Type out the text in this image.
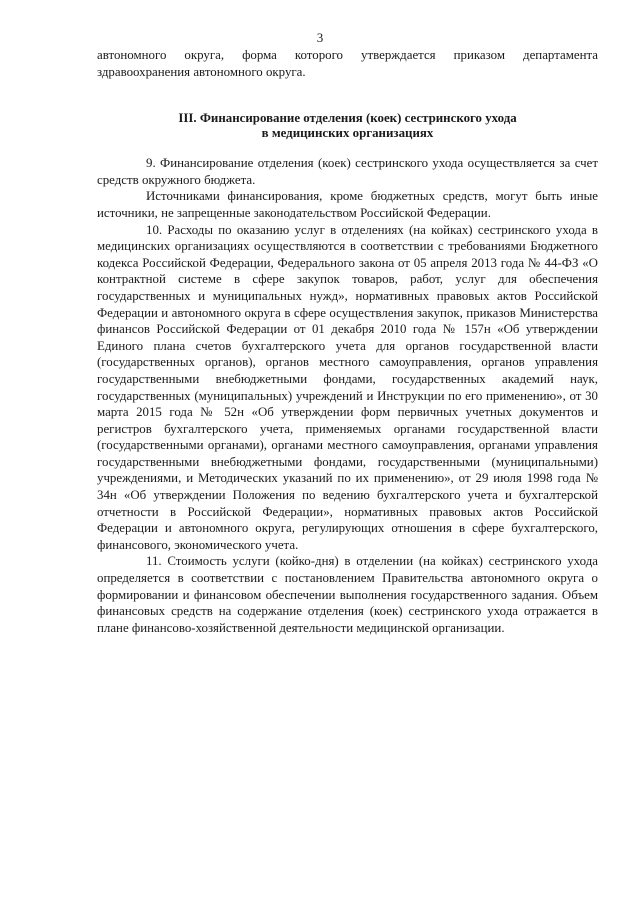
3

автономного округа, форма которого утверждается приказом департамента здравоохранения автономного округа.

III. Финансирование отделения (коек) сестринского ухода
в медицинских организациях

9. Финансирование отделения (коек) сестринского ухода осуществляется за счет средств окружного бюджета.

Источниками финансирования, кроме бюджетных средств, могут быть иные источники, не запрещенные законодательством Российской Федерации.

10. Расходы по оказанию услуг в отделениях (на койках) сестринского ухода в медицинских организациях осуществляются в соответствии с требованиями Бюджетного кодекса Российской Федерации, Федерального закона от 05 апреля 2013 года № 44-ФЗ «О контрактной системе в сфере закупок товаров, работ, услуг для обеспечения государственных и муниципальных нужд», нормативных правовых актов Российской Федерации и автономного округа в сфере осуществления закупок, приказов Министерства финансов Российской Федерации от 01 декабря 2010 года № 157н «Об утверждении Единого плана счетов бухгалтерского учета для органов государственной власти (государственных органов), органов местного самоуправления, органов управления государственными внебюджетными фондами, государственных академий наук, государственных (муниципальных) учреждений и Инструкции по его применению», от 30 марта 2015 года № 52н «Об утверждении форм первичных учетных документов и регистров бухгалтерского учета, применяемых органами государственной власти (государственными органами), органами местного самоуправления, органами управления государственными внебюджетными фондами, государственными (муниципальными) учреждениями, и Методических указаний по их применению», от 29 июля 1998 года № 34н «Об утверждении Положения по ведению бухгалтерского учета и бухгалтерской отчетности в Российской Федерации», нормативных правовых актов Российской Федерации и автономного округа, регулирующих отношения в сфере бухгалтерского, финансового, экономического учета.

11. Стоимость услуги (койко-дня) в отделении (на койках) сестринского ухода определяется в соответствии с постановлением Правительства автономного округа о формировании и финансовом обеспечении выполнения государственного задания. Объем финансовых средств на содержание отделения (коек) сестринского ухода отражается в плане финансово-хозяйственной деятельности медицинской организации.
